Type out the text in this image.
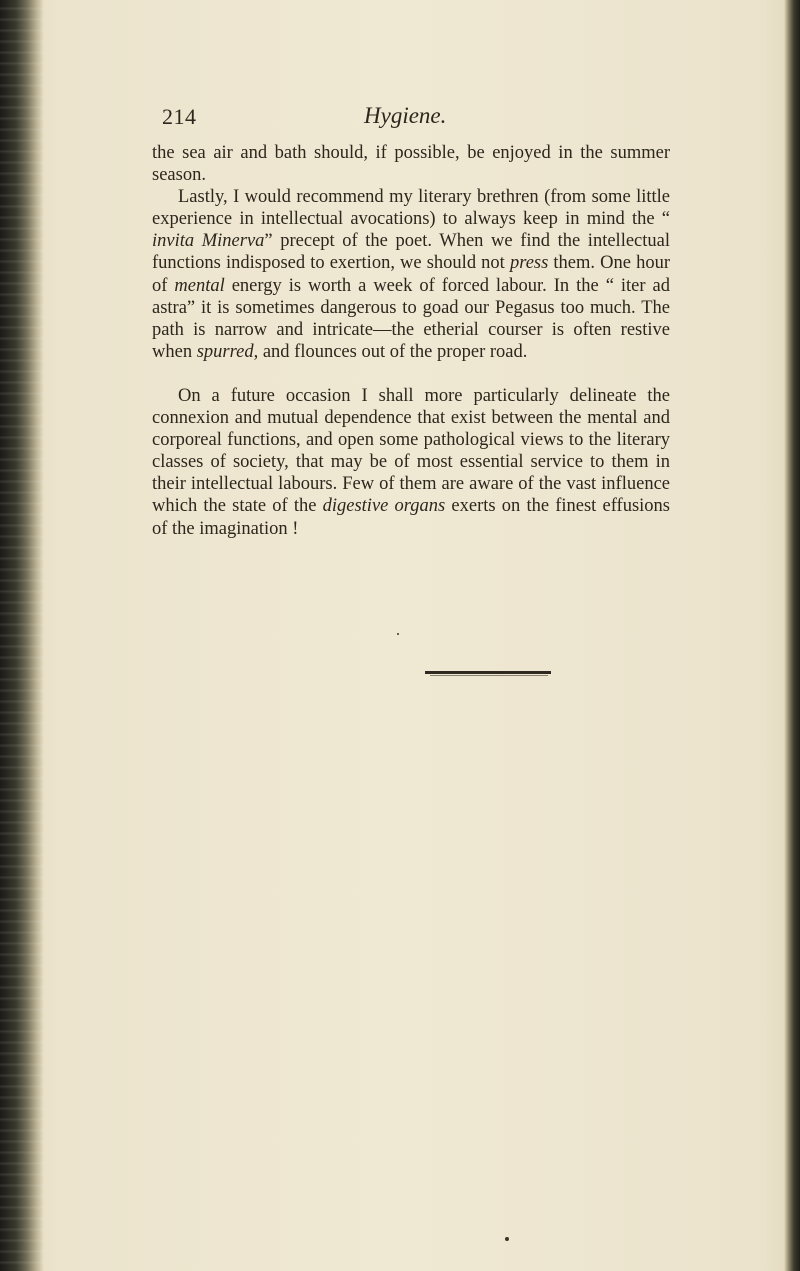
214	Hygiene.

the sea air and bath should, if possible, be enjoyed in the summer season.

Lastly, I would recommend my literary brethren (from some little experience in intellectual avocations) to always keep in mind the “ invita Minerva” precept of the poet. When we find the intellectual functions indisposed to exertion, we should not press them. One hour of mental energy is worth a week of forced labour. In the “ iter ad astra” it is sometimes dangerous to goad our Pegasus too much. The path is narrow and intricate—the etherial courser is often restive when spurred, and flounces out of the proper road.

On a future occasion I shall more particularly delineate the connexion and mutual dependence that exist between the mental and corporeal functions, and open some pathological views to the literary classes of society, that may be of most essential service to them in their intellectual labours. Few of them are aware of the vast influence which the state of the digestive organs exerts on the finest effusions of the imagination !
